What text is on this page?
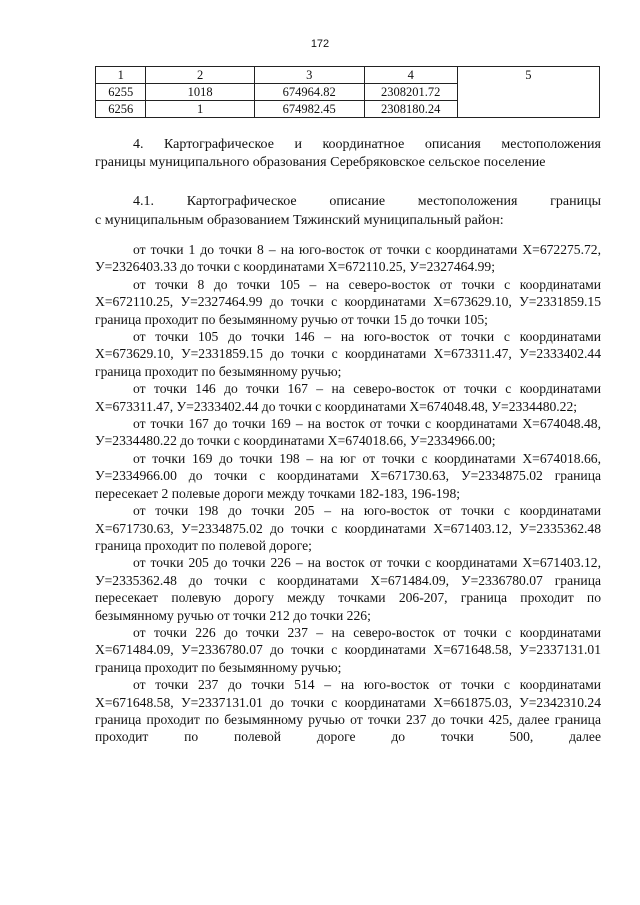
172
1	2	3	4	5
6255	1018	674964.82	2308201.72	
6256	1	674982.45	2308180.24	
4. Картографическое и координатное описания местоположения
границы муниципального образования Серебряковское сельское поселение
4.1. Картографическое описание местоположения границы
с муниципальным образованием Тяжинский муниципальный район:

от точки 1 до точки 8 – на юго-восток от точки с координатами X=672275.72, У=2326403.33 до точки с координатами X=672110.25, У=2327464.99;

от точки 8 до точки 105 – на северо-восток от точки с координатами X=672110.25, У=2327464.99 до точки с координатами X=673629.10, У=2331859.15 граница проходит по безымянному ручью от точки 15 до точки 105;

от точки 105 до точки 146 – на юго-восток от точки с координатами X=673629.10, У=2331859.15 до точки с координатами X=673311.47, У=2333402.44 граница проходит по безымянному ручью;

от точки 146 до точки 167 – на северо-восток от точки с координатами X=673311.47, У=2333402.44 до точки с координатами X=674048.48, У=2334480.22;

от точки 167 до точки 169 – на восток от точки с координатами X=674048.48, У=2334480.22 до точки с координатами X=674018.66, У=2334966.00;

от точки 169 до точки 198 – на юг от точки с координатами X=674018.66, У=2334966.00 до точки с координатами X=671730.63, У=2334875.02 граница пересекает 2 полевые дороги между точками 182-183, 196-198;

от точки 198 до точки 205 – на юго-восток от точки с координатами X=671730.63, У=2334875.02 до точки с координатами X=671403.12, У=2335362.48 граница проходит по полевой дороге;

от точки 205 до точки 226 – на восток от точки с координатами X=671403.12, У=2335362.48 до точки с координатами X=671484.09, У=2336780.07 граница пересекает полевую дорогу между точками 206-207, граница проходит по безымянному ручью от точки 212 до точки 226;

от точки 226 до точки 237 – на северо-восток от точки с координатами X=671484.09, У=2336780.07 до точки с координатами X=671648.58, У=2337131.01 граница проходит по безымянному ручью;

от точки 237 до точки 514 – на юго-восток от точки с координатами X=671648.58, У=2337131.01 до точки с координатами X=661875.03, У=2342310.24 граница проходит по безымянному ручью от точки 237 до точки 425, далее граница проходит по полевой дороге до точки 500, далее
